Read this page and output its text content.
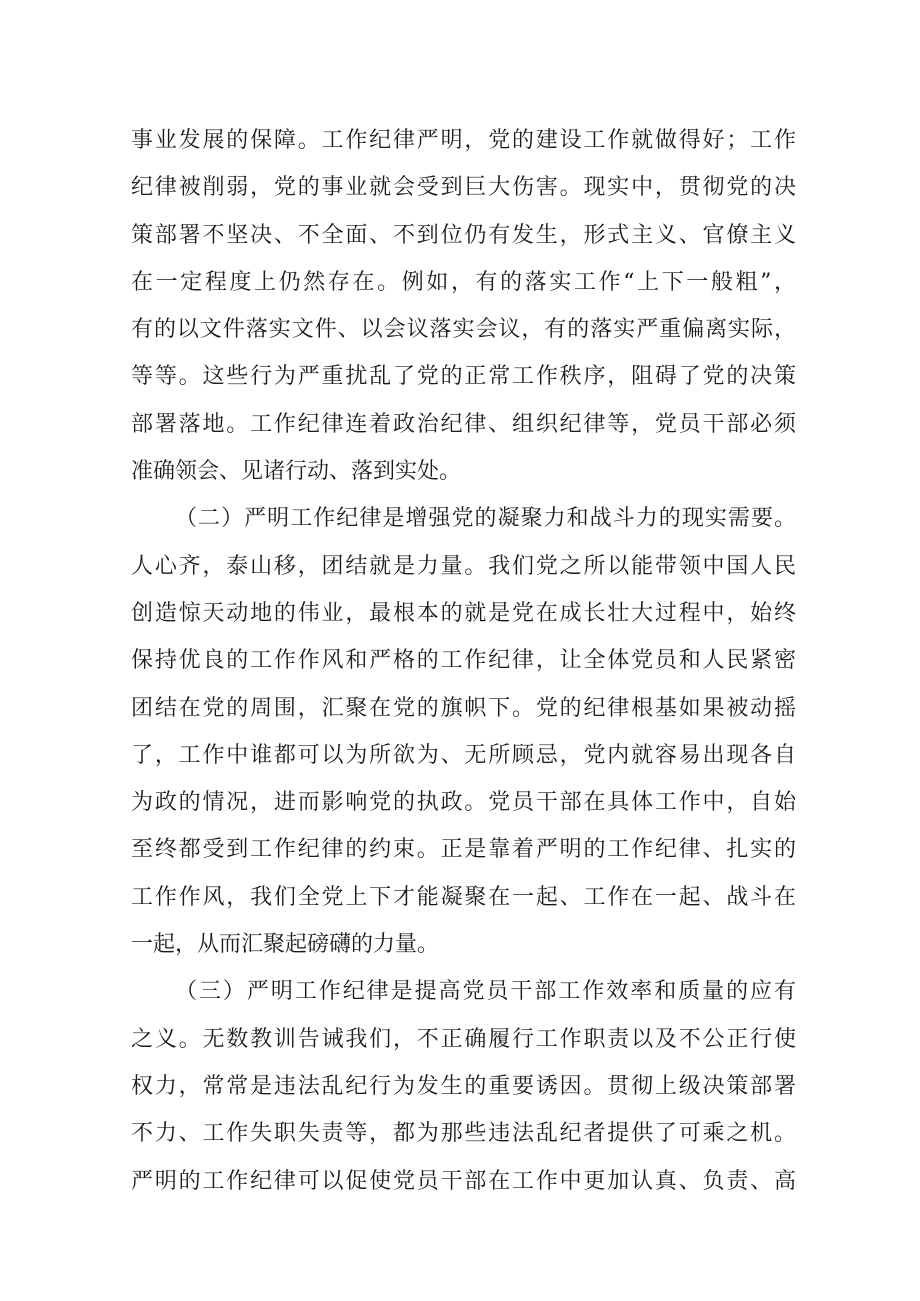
事业发展的保障。工作纪律严明，党的建设工作就做得好；工作
纪律被削弱，党的事业就会受到巨大伤害。现实中，贯彻党的决
策部署不坚决、不全面、不到位仍有发生，形式主义、官僚主义
在一定程度上仍然存在。例如，有的落实工作“上下一般粗”，
有的以文件落实文件、以会议落实会议，有的落实严重偏离实际，
等等。这些行为严重扰乱了党的正常工作秩序，阻碍了党的决策
部署落地。工作纪律连着政治纪律、组织纪律等，党员干部必须
准确领会、见诸行动、落到实处。
（二）严明工作纪律是增强党的凝聚力和战斗力的现实需要。
人心齐，泰山移，团结就是力量。我们党之所以能带领中国人民
创造惊天动地的伟业，最根本的就是党在成长壮大过程中，始终
保持优良的工作作风和严格的工作纪律，让全体党员和人民紧密
团结在党的周围，汇聚在党的旗帜下。党的纪律根基如果被动摇
了，工作中谁都可以为所欲为、无所顾忌，党内就容易出现各自
为政的情况，进而影响党的执政。党员干部在具体工作中，自始
至终都受到工作纪律的约束。正是靠着严明的工作纪律、扎实的
工作作风，我们全党上下才能凝聚在一起、工作在一起、战斗在
一起，从而汇聚起磅礴的力量。
（三）严明工作纪律是提高党员干部工作效率和质量的应有
之义。无数教训告诫我们，不正确履行工作职责以及不公正行使
权力，常常是违法乱纪行为发生的重要诱因。贯彻上级决策部署
不力、工作失职失责等，都为那些违法乱纪者提供了可乘之机。
严明的工作纪律可以促使党员干部在工作中更加认真、负责、高
